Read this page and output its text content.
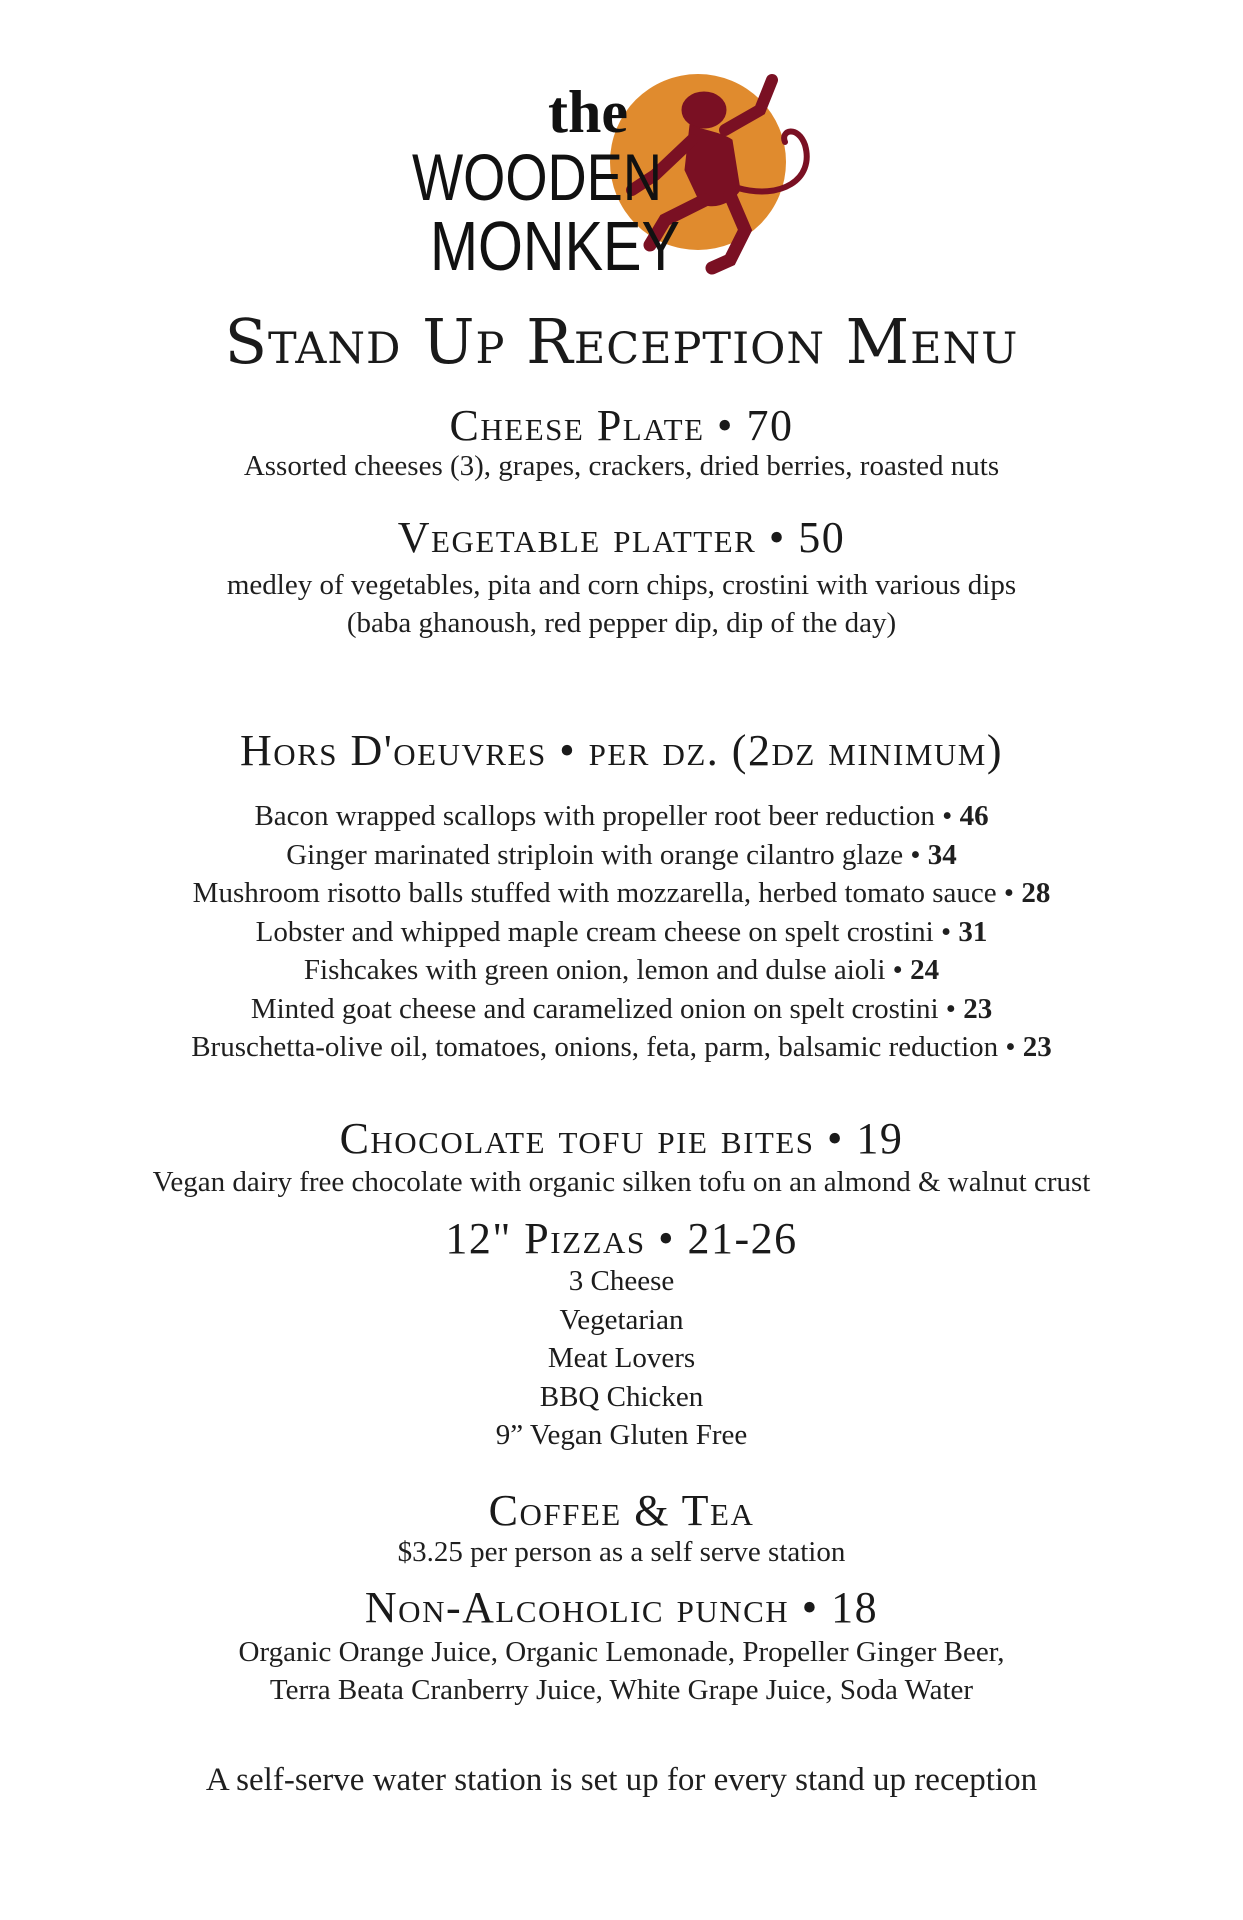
the
WOODEN
MONKEY
Stand Up Reception Menu
Cheese Plate • 70
Assorted cheeses (3), grapes, crackers, dried berries, roasted nuts
Vegetable platter • 50
medley of vegetables, pita and corn chips, crostini with various dips
(baba ghanoush, red pepper dip, dip of the day)
Hors D'oeuvres • per dz. (2dz minimum)
Bacon wrapped scallops with propeller root beer reduction • 46
Ginger marinated striploin with orange cilantro glaze • 34
Mushroom risotto balls stuffed with mozzarella, herbed tomato sauce • 28
Lobster and whipped maple cream cheese on spelt crostini • 31
Fishcakes with green onion, lemon and dulse aioli • 24
Minted goat cheese and caramelized onion on spelt crostini • 23
Bruschetta-olive oil, tomatoes, onions, feta, parm, balsamic reduction • 23
Chocolate tofu pie bites • 19
Vegan dairy free chocolate with organic silken tofu on an almond & walnut crust
12" Pizzas • 21-26
3 Cheese
Vegetarian
Meat Lovers
BBQ Chicken
9” Vegan Gluten Free
Coffee & Tea
$3.25 per person as a self serve station
Non-Alcoholic punch • 18
Organic Orange Juice, Organic Lemonade, Propeller Ginger Beer,
Terra Beata Cranberry Juice, White Grape Juice, Soda Water
A self-serve water station is set up for every stand up reception
